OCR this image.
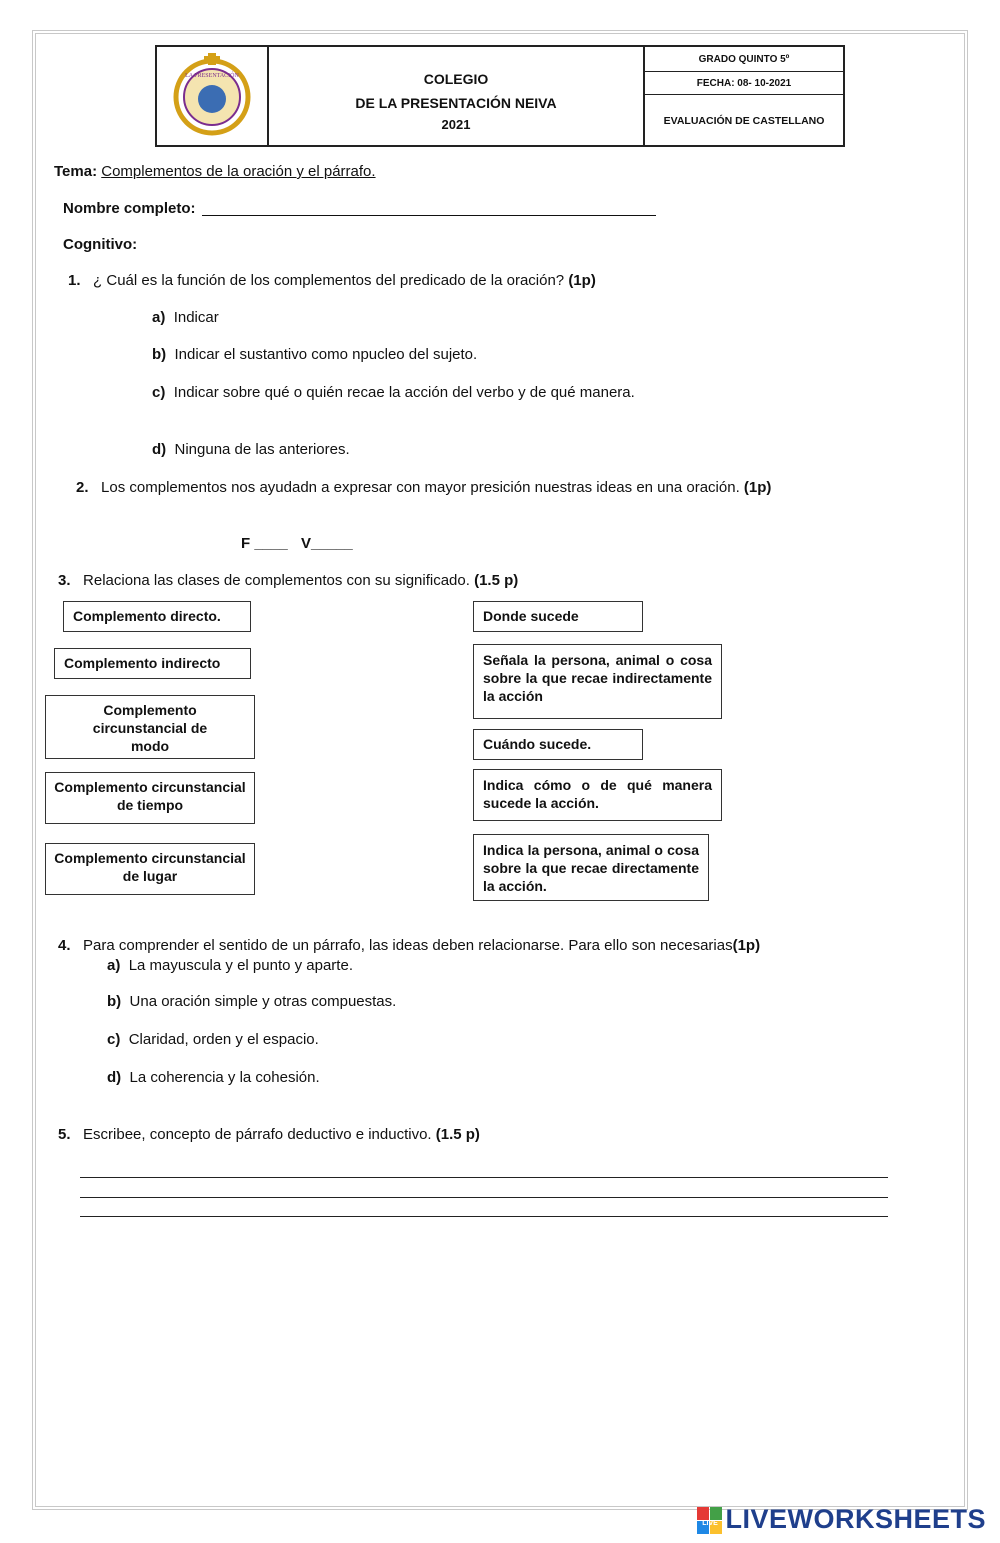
LA PRESENTACIÓN	COLEGIO
DE LA PRESENTACIÓN NEIVA
2021
GRADO QUINTO 5º
FECHA: 08- 10-2021
EVALUACIÓN DE CASTELLANO
Tema: Complementos de la oración y el párrafo.
Nombre completo:
Cognitivo:
1. ¿ Cuál es la función de los complementos del predicado de la oración? (1p)
a) Indicar
b) Indicar el sustantivo como npucleo del sujeto.
c) Indicar sobre qué o quién recae la acción del verbo y de qué manera.
d) Ninguna de las anteriores.
2. Los complementos nos ayudadn a expresar con mayor presición nuestras ideas en una oración. (1p)
F ____ V_____
3. Relaciona las clases de complementos con su significado. (1.5 p)
Complemento directo.
Complemento indirecto
Complemento circunstancial de modo
Complemento circunstancial de tiempo
Complemento circunstancial de lugar
Donde sucede
Señala la persona, animal o cosa sobre la que recae indirectamente la acción
Cuándo sucede.
Indica cómo o de qué manera sucede la acción.
Indica la persona, animal o cosa sobre la que recae directamente la acción.
4. Para comprender el sentido de un párrafo, las ideas deben relacionarse. Para ello son necesarias(1p)
a) La mayuscula y el punto y aparte.
b) Una oración simple y otras compuestas.
c) Claridad, orden y el espacio.
d) La coherencia y la cohesión.
5. Escribee, concepto de párrafo deductivo e inductivo. (1.5 p)
LIVE LIVEWORKSHEETS
